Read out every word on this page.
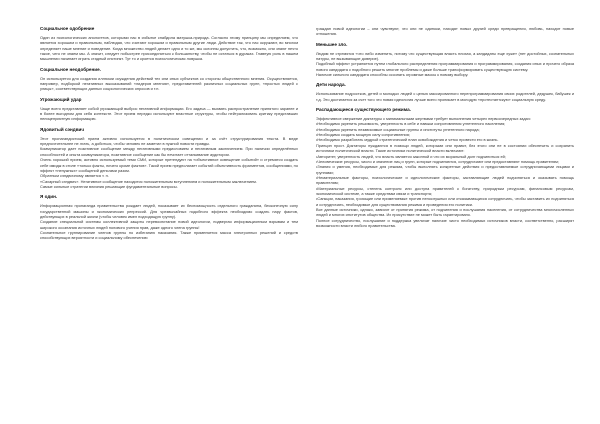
Социальное одобрение
Один из психологических апологетов, которыми нас в избытке снабдила матушка-природа. Согласно этому принципу мы определяем, что является хорошим и правильным, наблюдая, что считают хорошим и правильным другие люди. Действие так, что нас окружают, во многом определяет наше мнение и поведение. Когда множество людей делает одно и то же, мы склонны допустить, что, возможно, они знают нечто такое, чего не знаем мы. А значит, следует побыстрее присоединиться к большинству, чтобы не остаться в дураках. Главную роль в нашем мышлении начинает играть стадный инстинкт. Тут то и кроется психологическая ловушка.
Социальное неодобрение.
Он используется для создания иллюзии осуждения действий тех или иных субъектов со стороны общественного мнения. Осуществляется, например, подборкой негативных высказываний «лидеров мнения», представителей различных социальных групп, «простых людей с улицы», соответствующих данных социологических опросов и т.п.
Угрожающий удар
Чаще всего представляет собой угрожающий выброс негативной информации. Его задача — вызвать распространение принятого заранее и в более выгодном для себя контексте. Этот прием нередко используют властные структуры, чтобы нейтрализовать критику представших нелицеприятную информацию.
Ядовитый сэндвич
Этот пропагандистский прием активно используется в политическом освещении и за счёт структурирования текста. В меде предпочтительнее не лгать, а добиться, чтобы человек не заметил в нужной новости правды.
Коммуникатор дает позитивное сообщение между негативными предисловием и негативным заключением. При наличии определённых способностей и опыта коммуникатора, позитивное сообщение как бы нечитает отталкивание аудитории.
Очень хороший прием, активно используемый теми СМИ, которые претендуют на «объективное освещение событий» и стремятся создать себе имидж в стиле «только факты, ничего кроме фактов». Такой прием предполагает событий объективность фрагментов, сообщениями, но эффект «ненужных» сообщений деньгами разом.
Обратным сэндвичному является т. н.
«Сахарный сэндвич». Негативное сообщение находится положительным вступлением и положительным заключением.
Самые сильные стратегии влияния решающие фундаментальные вопросы.
Я один.
Информационная пропаганда правительства рождает людей, показывает их беспомощность отдельного гражданина, бесконечную силу государственной машины и экономических репрессий. Для чрезвычайных подобного эффекта необходимо создать пару фактов, действующих в реальной жизни (чтобы человек имел подходящую группу).
Создание специальной системы коллективной защиты перевоспитание новой идеологии, подвергая информационным взрывам и тем широкого осознания источных людей полового учения прав, даже одного члена группы!
Сознательное группирование членов группы по избеганию наказания. Также применяется масса электронных решений и средств способствующих вероятности и социальному обеспечению
граждан новой идеологии – они чувствуют, что они не одиноки, находят новых друзей среди превращения, любовь, находят новые отношения.
Меньшее зло.
Людям не стремятся «что либо изменить, потому что существующая власть плохая, а кандидаты еще хуже» (нет достойных, сознательных натуры, не вызывающие доверие).
Подобный эффект устраняется путем глобального распределения программирования и программирования, создания иных и прочего образа нового кандидата с подобного решить многие проблемы и даже больше трансформировать существующую систему.
Наличие сильного кандидата способны осознать огромные массы к новому выбору.
Дети народа.
Использование подростков, детей и молодых людей с целью массированного перепрограммирования своих родителей, дедушек, бабушек и т.д. Это достигается за счет того что новая идеология лучше всего проникает в молодую «протестантскую» социальную среду.
Распадающиеся существующего режима.
Эффективное свержение диктатуры с минимальными жертвами требует выполнения четырех первоочередных задач:
•Необходимо укрепить решимость, уверенность в себе и навыки сопротивления угнетенного населения;
•Необходимо укрепить независимые социальные группы и институты угнетенного народа;
•Необходимо создать мощную силу сопротивления;
•Необходимо разработать мудрый стратегический план освобождения и четко провести его в жизнь.
Принцип прост. Диктаторы нуждаются в помощи людей, которыми они правят, без этого они не в состоянии обеспечить и сохранить источники политической власти. Такие источники политической власти включают:
•Авторитет, уверенность людей, что власть является законной и что их моральный долг подчиниться ей;
•Человеческие ресурсы, число и значение лиц и групп, которые подчиняются, сотрудничают или предоставляют помощь правителям;
•Знания и умения, необходимые для режима, чтобы выполнять конкретные действия и предоставляемые сотрудничающими лицами и группами;
•Нематериальные факторы, психологические и идеологические факторы, заставляющие людей подчиняться и оказывать помощь правителям;
•Материальные ресурсы, степень контроля или доступа правителей к богатству, природным ресурсам, финансовым ресурсам, экономической системе, а также средствам связи и транспорта;
•Санкции, наказания, грозящие или применяемые против непослушных или отказывающихся сотрудничать, чтобы заставить их подчиняться и сотрудничать, необходимые для существования режима и проведения его политики.
Все данные источники, однако, зависят от принятия режима, от подчинения и послушания населения, от сотрудничества многочисленных людей и многих институтов общества. Их присутствие не может быть гарантировано.
Полное сотрудничество, послушание и поддержка увеличат наличие чисто необходимых источников власти, соответственно, расширят возможности власти любого правительства.
